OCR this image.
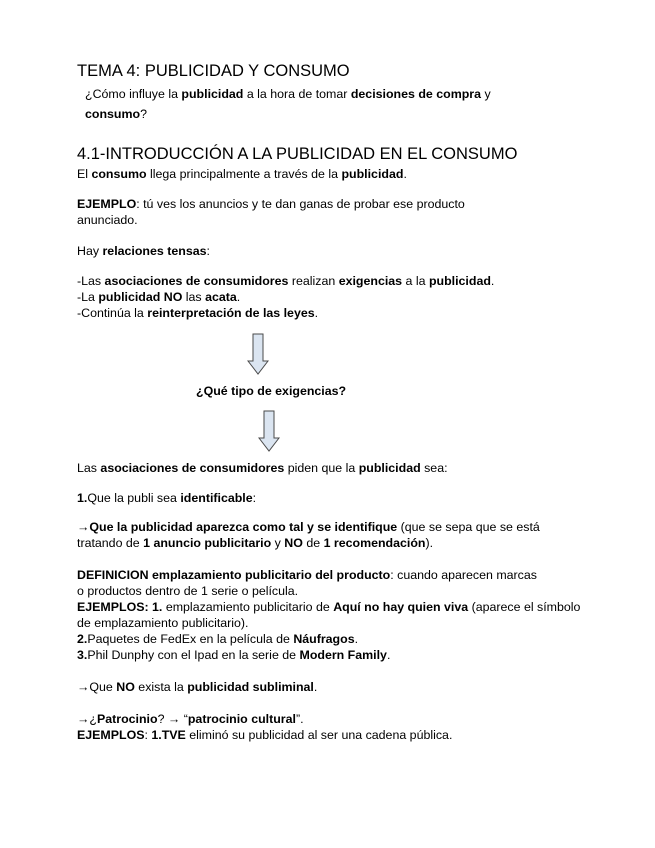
TEMA 4: PUBLICIDAD Y CONSUMO
¿Cómo influye la publicidad a la hora de tomar decisiones de compra y
consumo?
4.1-INTRODUCCIÓN A LA PUBLICIDAD EN EL CONSUMO
El consumo llega principalmente a través de la publicidad.
EJEMPLO: tú ves los anuncios y te dan ganas de probar ese producto anunciado.
Hay relaciones tensas:
-Las asociaciones de consumidores realizan exigencias a la publicidad.
-La publicidad NO las acata.
-Continúa la reinterpretación de las leyes.
¿Qué tipo de exigencias?
Las asociaciones de consumidores piden que la publicidad sea:
1.Que la publi sea identificable:
→Que la publicidad aparezca como tal y se identifique (que se sepa que se está tratando de 1 anuncio publicitario y NO de 1 recomendación).
DEFINICION emplazamiento publicitario del producto: cuando aparecen marcas o productos dentro de 1 serie o película.
EJEMPLOS: 1. emplazamiento publicitario de Aquí no hay quien viva (aparece el símbolo de emplazamiento publicitario).
2.Paquetes de FedEx en la película de Náufragos.
3.Phil Dunphy con el Ipad en la serie de Modern Family.
→Que NO exista la publicidad subliminal.
→¿Patrocinio? → “patrocinio cultural”.
EJEMPLOS: 1.TVE eliminó su publicidad al ser una cadena pública.
